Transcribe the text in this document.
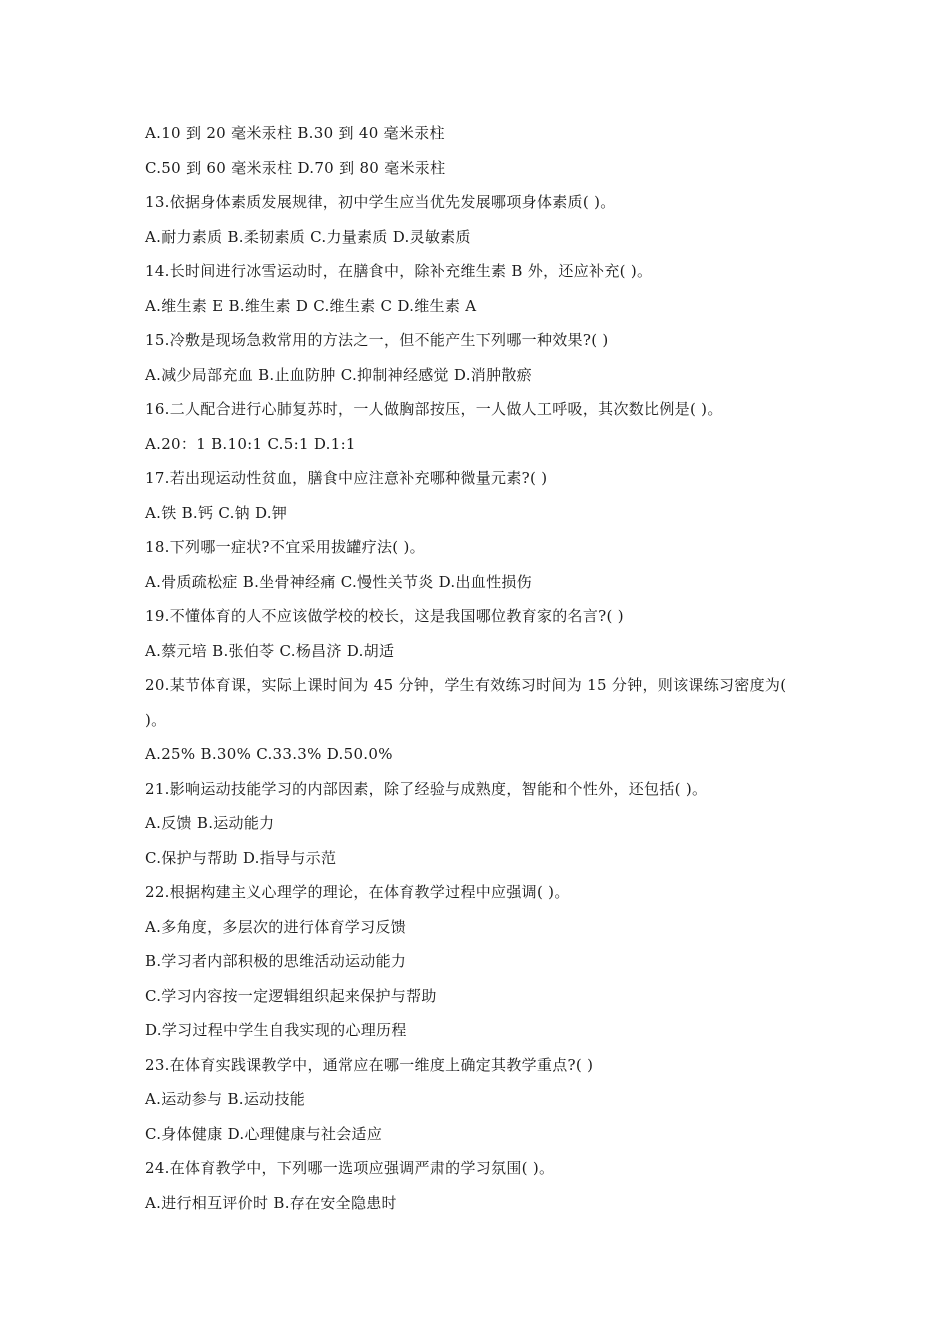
A.10 到 20 毫米汞柱 B.30 到 40 毫米汞柱
C.50 到 60 毫米汞柱 D.70 到 80 毫米汞柱
13.依据身体素质发展规律，初中学生应当优先发展哪项身体素质( )。
A.耐力素质 B.柔韧素质 C.力量素质 D.灵敏素质
14.长时间进行冰雪运动时，在膳食中，除补充维生素 B 外，还应补充( )。
A.维生素 E B.维生素 D C.维生素 C D.维生素 A
15.冷敷是现场急救常用的方法之一，但不能产生下列哪一种效果?( )
A.减少局部充血 B.止血防肿 C.抑制神经感觉 D.消肿散瘀
16.二人配合进行心肺复苏时，一人做胸部按压，一人做人工呼吸，其次数比例是( )。
A.20：1 B.10:1 C.5:1 D.1:1
17.若出现运动性贫血，膳食中应注意补充哪种微量元素?( )
A.铁 B.钙 C.钠 D.钾
18.下列哪一症状?不宜采用拔罐疗法( )。
A.骨质疏松症 B.坐骨神经痛 C.慢性关节炎 D.出血性损伤
19.不懂体育的人不应该做学校的校长，这是我国哪位教育家的名言?( )
A.蔡元培 B.张伯苓 C.杨昌济 D.胡适
20.某节体育课，实际上课时间为 45 分钟，学生有效练习时间为 15 分钟，则该课练习密度为(
)。
A.25% B.30% C.33.3% D.50.0%
21.影响运动技能学习的内部因素，除了经验与成熟度，智能和个性外，还包括( )。
A.反馈 B.运动能力
C.保护与帮助 D.指导与示范
22.根据构建主义心理学的理论，在体育教学过程中应强调( )。
A.多角度，多层次的进行体育学习反馈
B.学习者内部积极的思维活动运动能力
C.学习内容按一定逻辑组织起来保护与帮助
D.学习过程中学生自我实现的心理历程
23.在体育实践课教学中，通常应在哪一维度上确定其教学重点?( )
A.运动参与 B.运动技能
C.身体健康 D.心理健康与社会适应
24.在体育教学中，下列哪一选项应强调严肃的学习氛围( )。
A.进行相互评价时 B.存在安全隐患时
